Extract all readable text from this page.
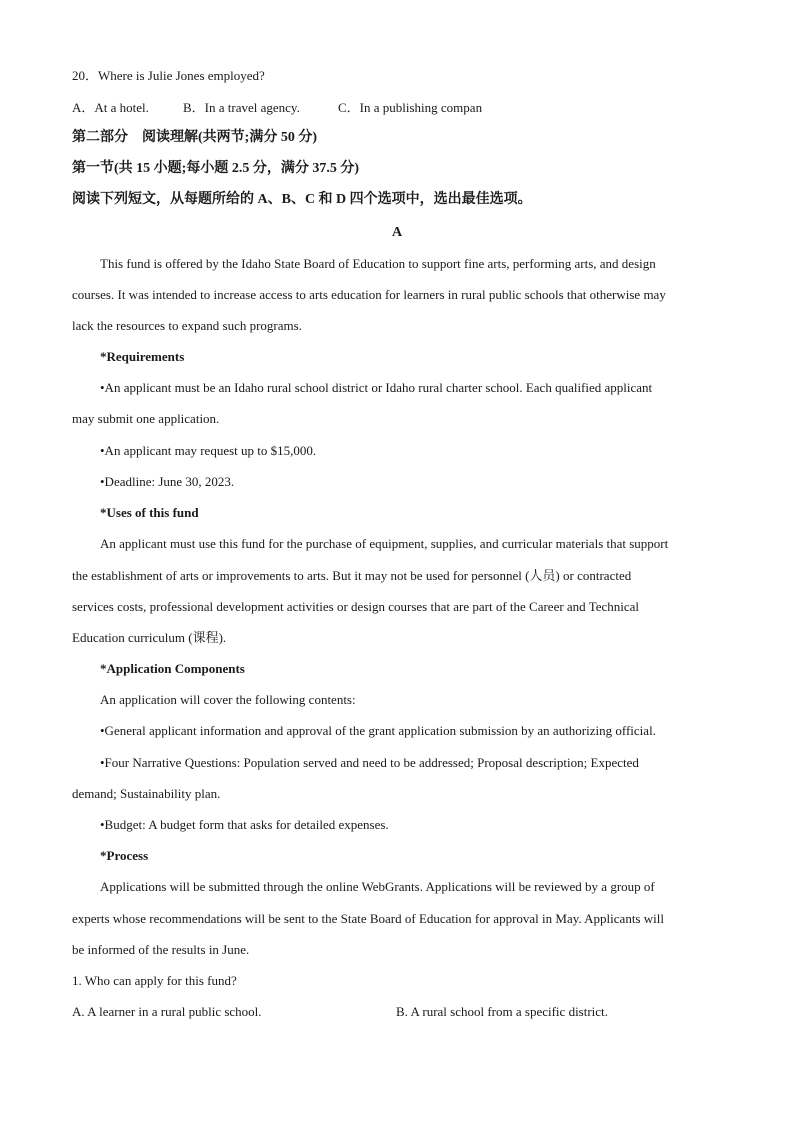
20．Where is Julie Jones employed?
A．At a hotel.	B．In a travel agency.	C．In a publishing compan
第二部分　阅读理解(共两节;满分 50 分)
第一节(共 15 小题;每小题 2.5 分，满分 37.5 分)
阅读下列短文，从每题所给的 A、B、C 和 D 四个选项中，选出最佳选项。
A
This fund is offered by the Idaho State Board of Education to support fine arts, performing arts, and design
courses. It was intended to increase access to arts education for learners in rural public schools that otherwise may
lack the resources to expand such programs.
*Requirements
•An applicant must be an Idaho rural school district or Idaho rural charter school. Each qualified applicant
may submit one application.
•An applicant may request up to $15,000.
•Deadline: June 30, 2023.
*Uses of this fund
An applicant must use this fund for the purchase of equipment, supplies, and curricular materials that support
the establishment of arts or improvements to arts. But it may not be used for personnel (人员) or contracted
services costs, professional development activities or design courses that are part of the Career and Technical
Education curriculum (课程).
*Application Components
An application will cover the following contents:
•General applicant information and approval of the grant application submission by an authorizing official.
•Four Narrative Questions: Population served and need to be addressed; Proposal description; Expected
demand; Sustainability plan.
•Budget: A budget form that asks for detailed expenses.
*Process
Applications will be submitted through the online WebGrants. Applications will be reviewed by a group of
experts whose recommendations will be sent to the State Board of Education for approval in May. Applicants will
be informed of the results in June.
1. Who can apply for this fund?
A. A learner in a rural public school.	B. A rural school from a specific district.
